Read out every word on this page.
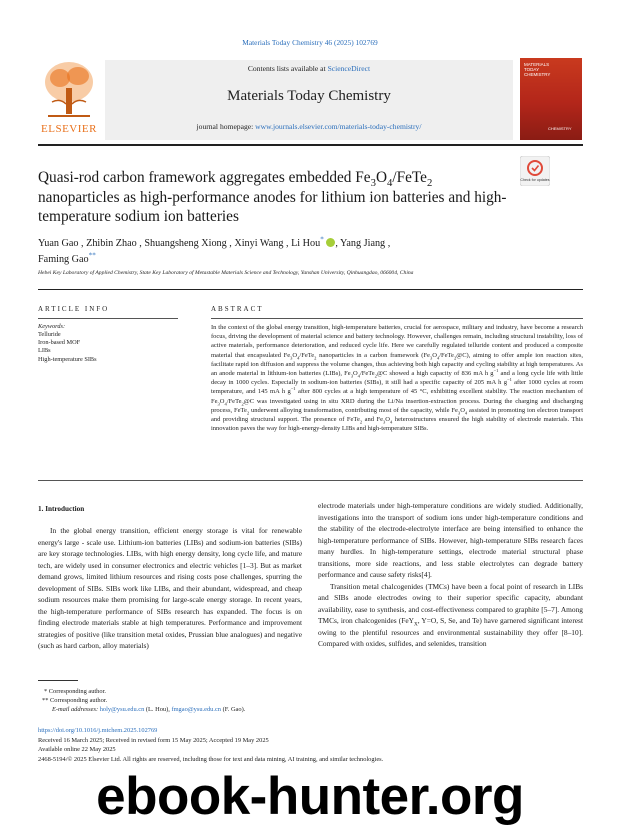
Materials Today Chemistry 46 (2025) 102769
ELSEVIER
Contents lists available at ScienceDirect
Materials Today Chemistry
journal homepage: www.journals.elsevier.com/materials-today-chemistry/
MATERIALS TODAY CHEMISTRY
CHEMISTRY
Quasi-rod carbon framework aggregates embedded $Fe_3O_4/FeTe_2$ nanoparticles as high-performance anodes for lithium ion batteries and high-temperature sodium ion batteries
Check for updates
Yuan Gao , Zhibin Zhao , Shuangsheng Xiong , Xinyi Wang , Li Hou* , Yang Jiang ,
Faming Gao**
Hebei Key Laboratory of Applied Chemistry, State Key Laboratory of Metastable Materials Science and Technology, Yanshan University, Qinhuangdao, 066004, China
ARTICLE INFO	ABSTRACT
Keywords:
Telluride
Iron-based MOF
LIBs
High-temperature SIBs
In the context of the global energy transition, high-temperature batteries, crucial for aerospace, military and industry, have become a research focus, driving the development of material science and battery technology. However, challenges remain, including structural instability, loss of active materials, performance deterioration, and reduced cycle life. Here we carefully regulated telluride content and produced a composite material that encapsulated $Fe_3O_4/FeTe_2$ nanoparticles in a carbon framework $(Fe_3O_4/FeTe_2@C)$, aiming to offer ample ion reaction sites, facilitate rapid ion diffusion and suppress the volume changes, thus achieving both high capacity and cycling stability at high temperatures. As an anode material in lithium-ion batteries (LIBs), $Fe_3O_4/FeTe_2@C$ showed a high capacity of 836 mA h $g^{-1}$ and a long cycle life with little decay in 1000 cycles. Especially in sodium-ion batteries (SIBs), it still had a specific capacity of 205 mA h $g^{-1}$ after 1000 cycles at room temperature, and 145 mA h $g^{-1}$ after 800 cycles at a high temperature of 45 °C, exhibiting excellent stability. The reaction mechanism of $Fe_3O_4/FeTe_2@C$ was investigated using in situ XRD during the Li/Na insertion-extraction process. During the charging and discharging process, FeTe$_2$ underwent alloying transformation, contributing most of the capacity, while $Fe_3O_4$ assisted in promoting ion electron transport and providing structural support. The presence of FeTe$_2$ and $Fe_3O_4$ heterostructures ensured the high stability of electrode materials. This innovation paves the way for high-energy-density LIBs and high-temperature SIBs.
1. Introduction

In the global energy transition, efficient energy storage is vital for renewable energy's large - scale use. Lithium-ion batteries (LIBs) and sodium-ion batteries (SIBs) are key storage technologies. LIBs, with high energy density, long cycle life, and mature tech, are widely used in consumer electronics and electric vehicles [1–3]. But as market demand grows, limited lithium resources and rising costs pose challenges, spurring the development of SIBs. SIBs work like LIBs, and their abundant, widespread, and cheap sodium resources make them promising for large-scale energy storage. In recent years, the high-temperature performance of SIBs research has expanded. The focus is on finding electrode materials stable at high temperatures. Performance and improvement strategies of positive (like transition metal oxides, Prussian blue analogues) and negative (such as hard carbon, alloy materials)

electrode materials under high-temperature conditions are widely studied. Additionally, investigations into the transport of sodium ions under high-temperature conditions and the stability of the electrode-electrolyte interface are being intensified to enhance the high-temperature performance of SIBs. However, high-temperature SIBs research faces many hurdles. In high-temperature settings, electrode material structural phase transitions, more side reactions, and less stable electrolytes can degrade battery performance and cause safety risks[4].

Transition metal chalcogenides (TMCs) have been a focal point of research in LIBs and SIBs anode electrodes owing to their superior specific capacity, abundant availability, ease to synthesis, and cost-effectiveness compared to graphite [5–7]. Among TMCs, iron chalcogenides (FeY$_X$, Y=O, S, Se, and Te) have garnered significant interest owing to the plentiful resources and environmental sustainability they offer [8–10]. Compared with oxides, sulfides, and selenides, transition

* Corresponding author.
** Corresponding author.
E-mail addresses: holy@ysu.edu.cn (L. Hou), fmgao@ysu.edu.cn (F. Gao).
https://doi.org/10.1016/j.mtchem.2025.102769
Received 16 March 2025; Received in revised form 15 May 2025; Accepted 19 May 2025
Available online 22 May 2025
2468-5194/© 2025 Elsevier Ltd. All rights are reserved, including those for text and data mining, AI training, and similar technologies.
ebook-hunter.org
